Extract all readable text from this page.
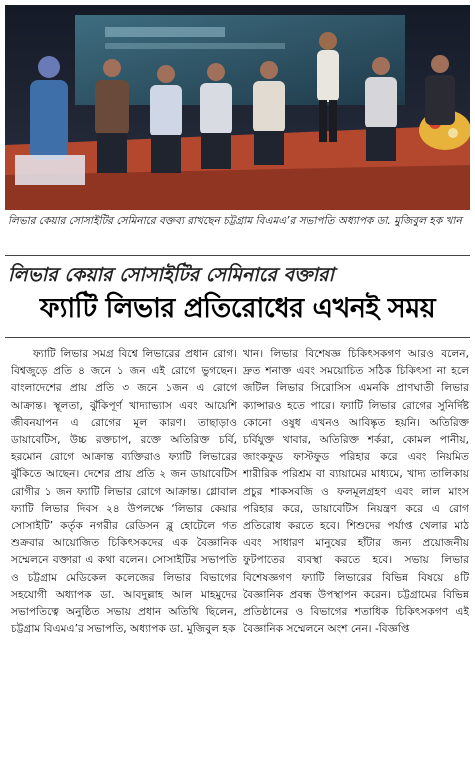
লিভার কেয়ার সোসাইটির সেমিনারে বক্তব্য রাখছেন চট্টগ্রাম বিএমএ’র সভাপতি অধ্যাপক ডা. মুজিবুল হক খান
লিভার কেয়ার সোসাইটির সেমিনারে বক্তারা
ফ্যাটি লিভার প্রতিরোধের এখনই সময়

ফ্যাটি লিভার সমগ্র বিশ্বে লিভারের প্রধান রোগ। বিশ্বজুড়ে প্রতি ৪ জনে ১ জন এই রোগে ভুগছেন। বাংলাদেশের প্রায় প্রতি ৩ জনে ১জন এ রোগে আক্রান্ত। স্থূলতা, ঝুঁকিপূর্ণ খাদ্যাভ্যাস এবং আয়েশি জীবনযাপন এ রোগের মূল কারণ। তাছাড়াও ডায়াবেটিস, উচ্চ রক্তচাপ, রক্তে অতিরিক্ত চর্বি, হরমোন রোগে আক্রান্ত ব্যক্তিরাও ফ্যাটি লিভারের ঝুঁকিতে আছেন। দেশের প্রায় প্রতি ২ জন ডায়াবেটিস রোগীর ১ জন ফ্যাটি লিভার রোগে আক্রান্ত। গ্লোবাল ফ্যাটি লিভার দিবস ২৪ উপলক্ষে ‘লিভার কেয়ার সোসাইটি’ কর্তৃক নগরীর রেডিসন ব্লু হোটেলে গত শুক্রবার আয়োজিত চিকিৎসকদের এক বৈজ্ঞানিক সম্মেলনে বক্তারা এ কথা বলেন। সোসাইটির সভাপতি ও চট্টগ্রাম মেডিকেল কলেজের লিভার বিভাগের সহযোগী অধ্যাপক ডা. আবদুল্লাহ আল মাহমুদের সভাপতিত্বে অনুষ্ঠিত সভায় প্রধান অতিথি ছিলেন, চট্টগ্রাম বিএমএ’র সভাপতি, অধ্যাপক ডা. মুজিবুল হক

খান। লিভার বিশেষজ্ঞ চিকিৎসকগণ আরও বলেন, দ্রুত শনাক্ত এবং সময়োচিত সঠিক চিকিৎসা না হলে জটিল লিভার সিরোসিস এমনকি প্রাণঘাতী লিভার ক্যান্সারও হতে পারে। ফ্যাটি লিভার রোগের সুনির্দিষ্ট কোনো ওষুধ এখনও আবিষ্কৃত হয়নি। অতিরিক্ত চর্বিযুক্ত খাবার, অতিরিক্ত শর্করা, কোমল পানীয়, জাংকফুড ফাস্টফুড পরিহার করে এবং নিয়মিত শারীরিক পরিশ্রম বা ব্যায়ামের মাধ্যমে, খাদ্য তালিকায় প্রচুর শাকসবজি ও ফলমূলগ্রহণ এবং লাল মাংস পরিহার করে, ডায়াবেটিস নিয়ন্ত্রণ করে এ রোগ প্রতিরোধ করতে হবে। শিশুদের পর্যাপ্ত খেলার মাঠ এবং সাধারণ মানুষের হাঁটার জন্য প্রয়োজনীয় ফুটপাতের ব্যবস্থা করতে হবে। সভায় লিভার বিশেষজ্ঞগণ ফ্যাটি লিভারের বিভিন্ন বিষয়ে ৪টি বৈজ্ঞানিক প্রবন্ধ উপস্থাপন করেন। চট্টগ্রামের বিভিন্ন প্রতিষ্ঠানের ও বিভাগের শতাধিক চিকিৎসকগণ এই বৈজ্ঞানিক সম্মেলনে অংশ নেন। -বিজ্ঞপ্তি
